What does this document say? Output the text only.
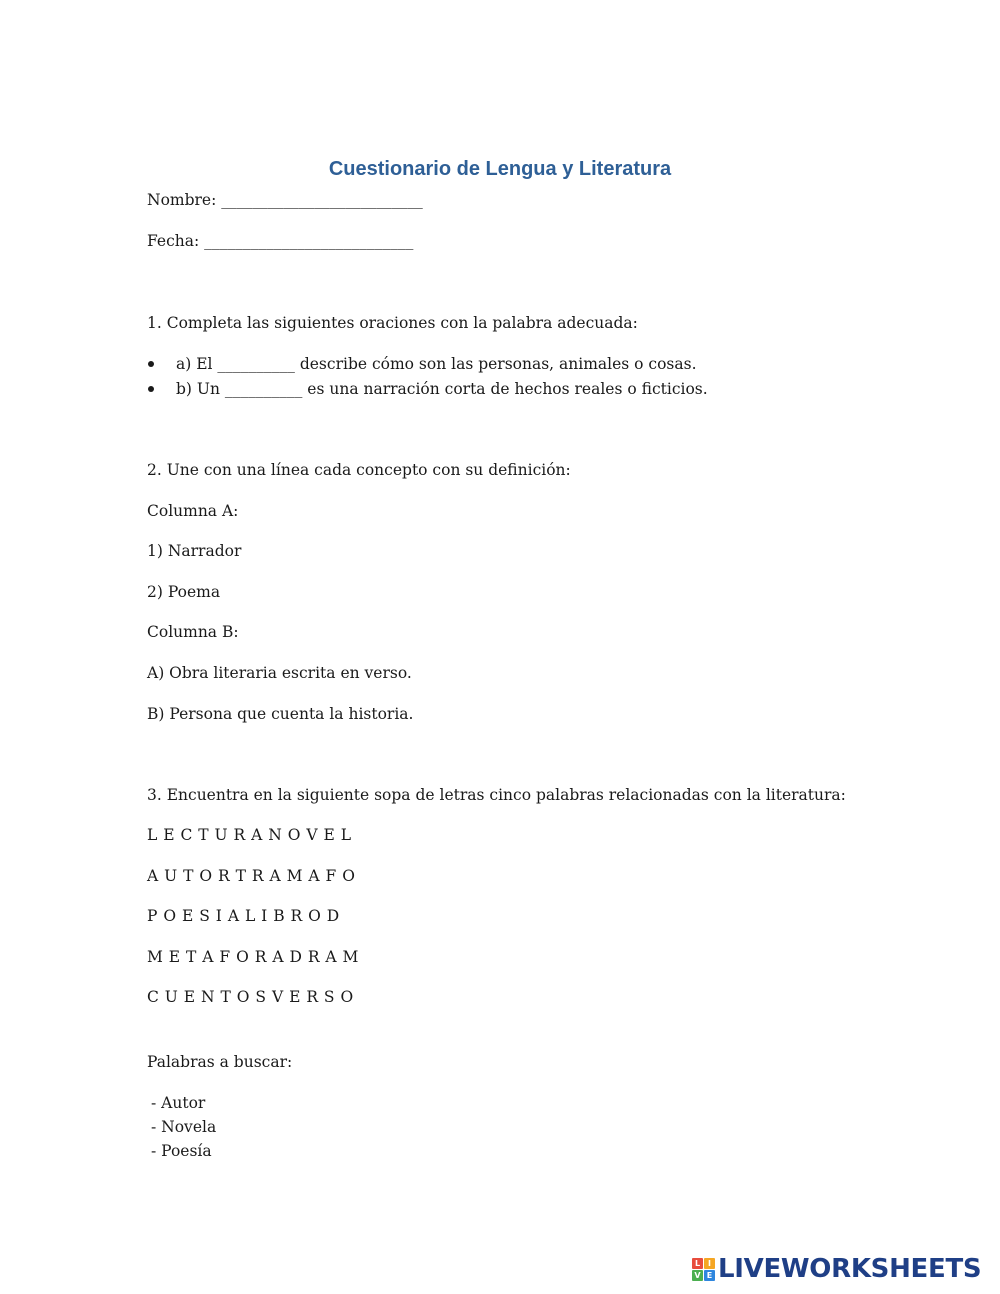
Cuestionario de Lengua y Literatura
Nombre: __________________________
Fecha: ___________________________
1. Completa las siguientes oraciones con la palabra adecuada:
a) El __________ describe cómo son las personas, animales o cosas.
b) Un __________ es una narración corta de hechos reales o ficticios.
2. Une con una línea cada concepto con su definición:
Columna A:
1) Narrador
2) Poema
Columna B:
A) Obra literaria escrita en verso.
B) Persona que cuenta la historia.
3. Encuentra en la siguiente sopa de letras cinco palabras relacionadas con la literatura:
L E C T U R A N O V E L
A U T O R T R A M A F O
P O E S I A L I B R O D
M E T A F O R A D R A M
C U E N T O S V E R S O
Palabras a buscar:
- Autor
- Novela
- Poesía
L I
V E LIVEWORKSHEETS
